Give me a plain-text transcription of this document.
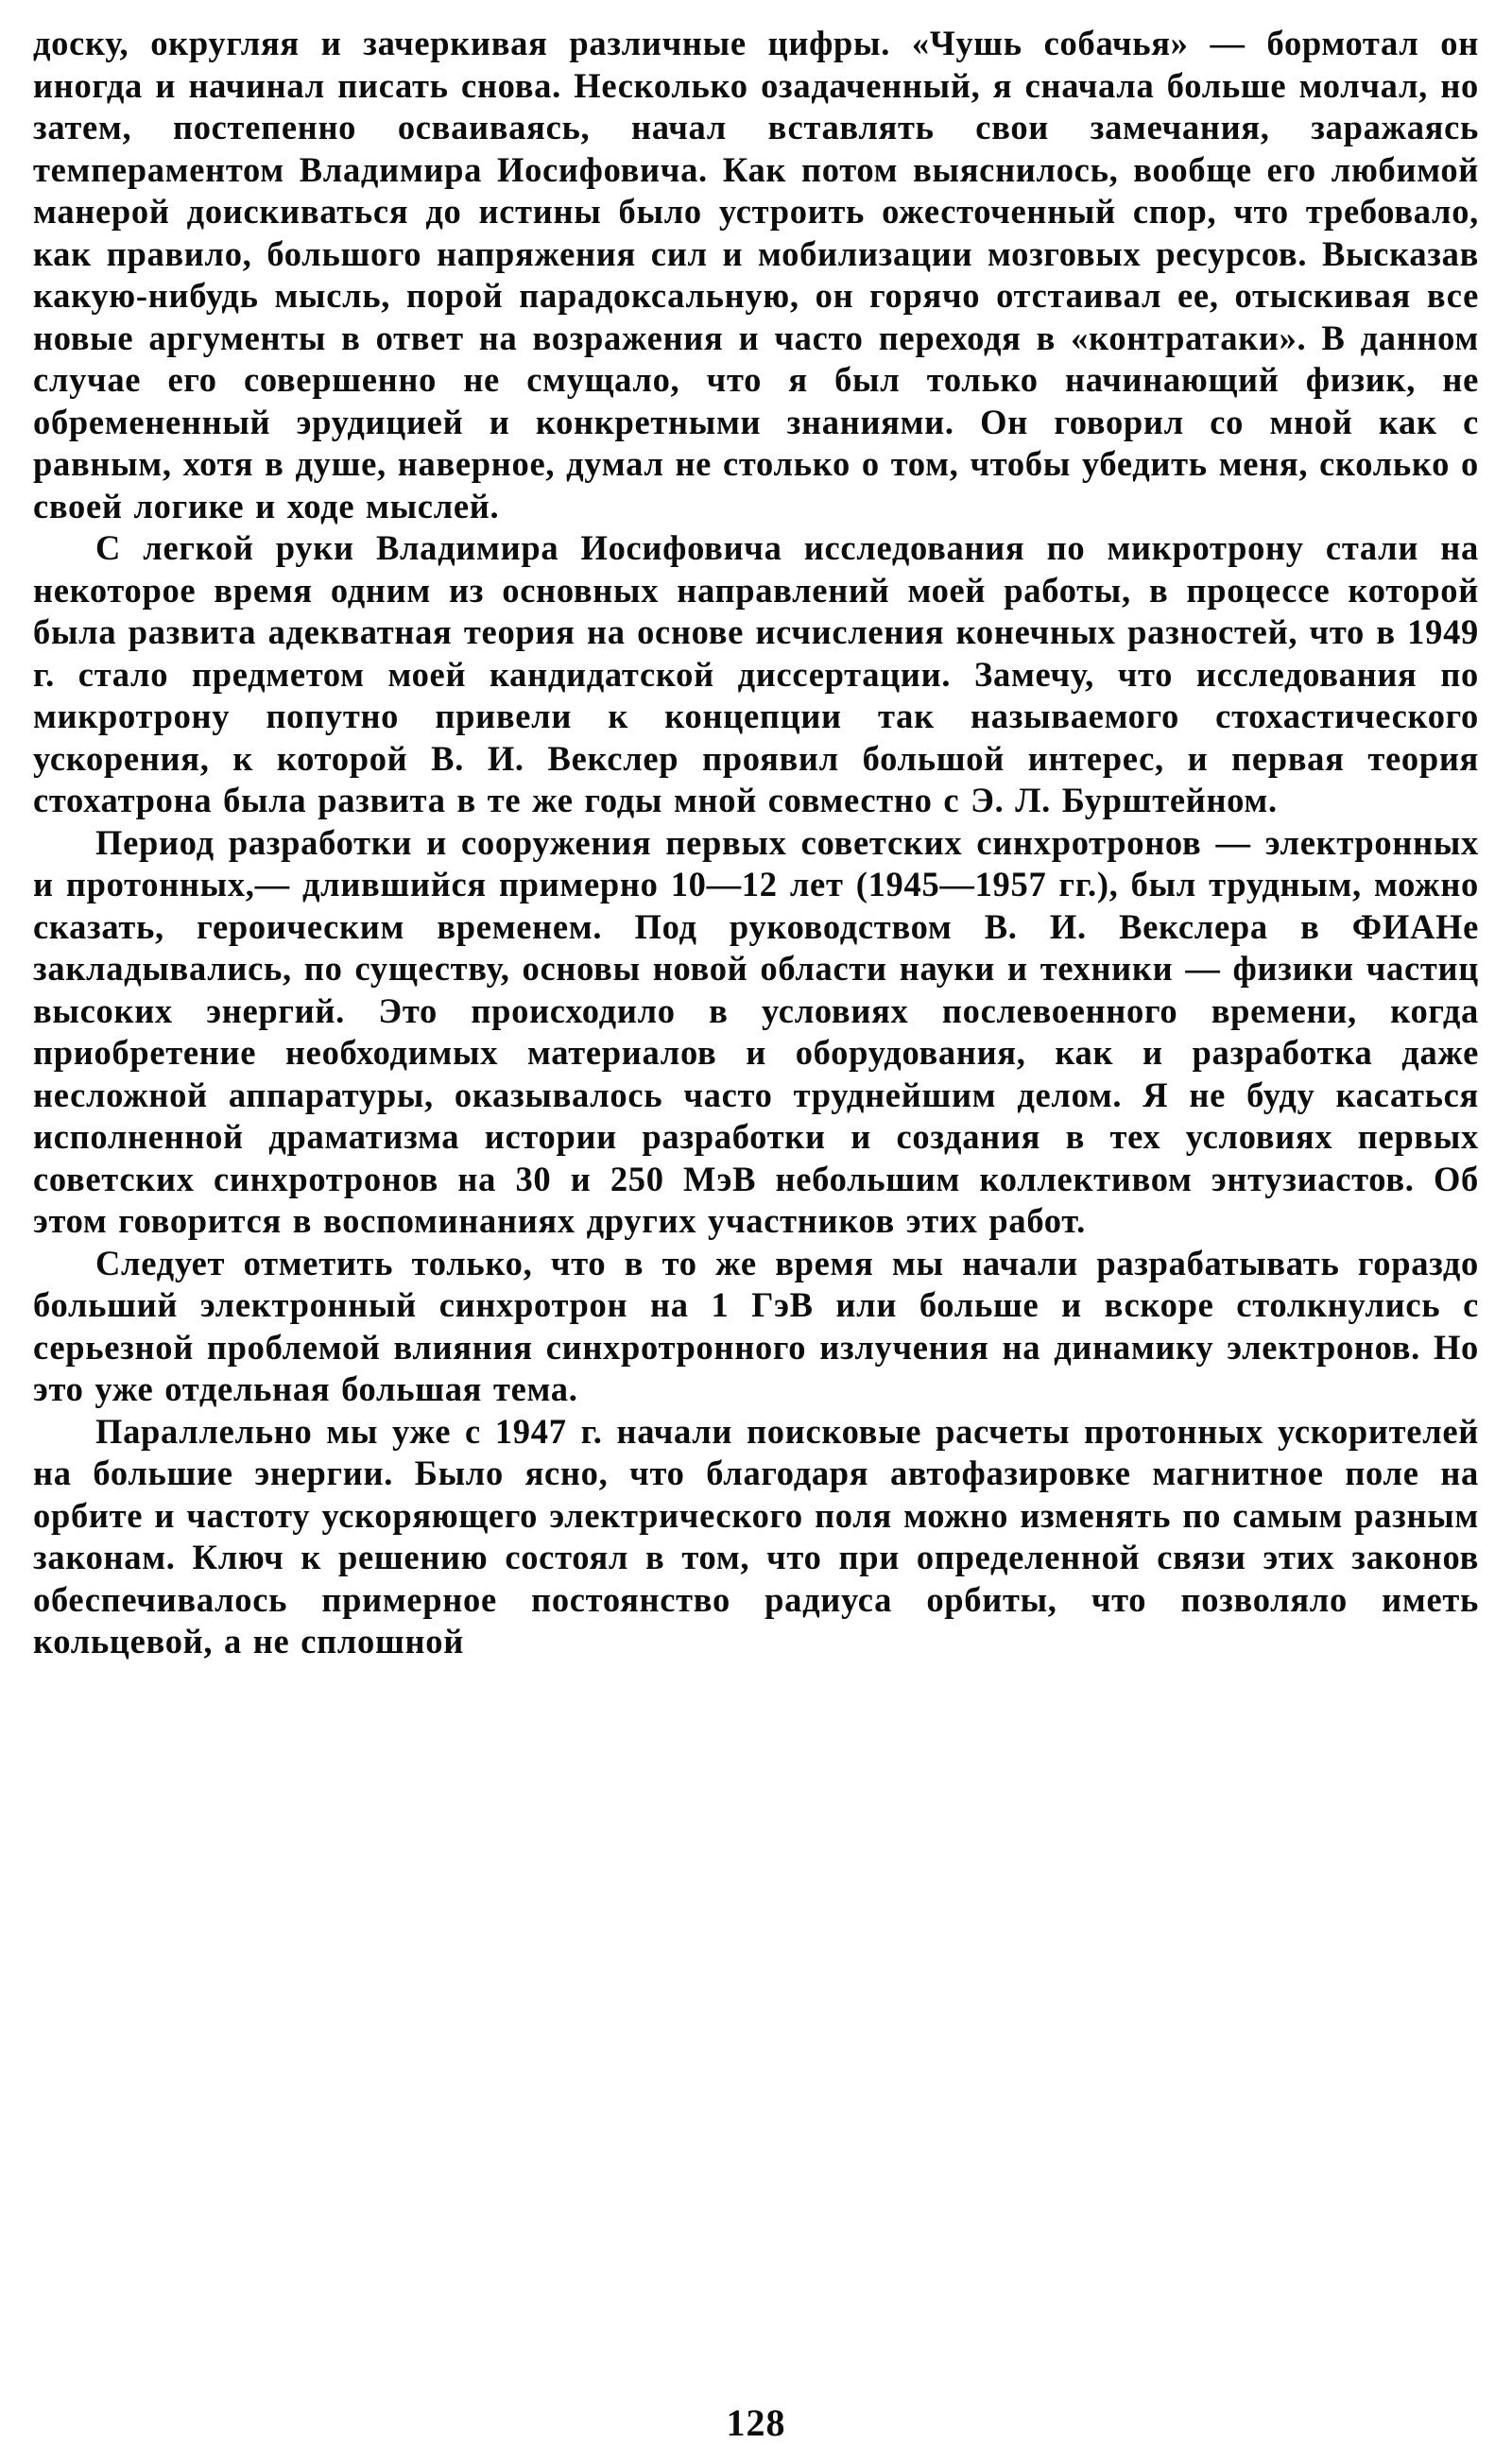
доску, округляя и зачеркивая различные цифры. «Чушь собачья» — бормотал он иногда и начинал писать снова. Несколько озадаченный, я сначала больше молчал, но затем, постепенно осваиваясь, начал вставлять свои замечания, заражаясь темпераментом Владимира Иосифовича. Как потом выяснилось, вообще его любимой манерой доискиваться до истины было устроить ожесточенный спор, что требовало, как правило, большого напряжения сил и мобилизации мозговых ресурсов. Высказав какую-нибудь мысль, порой парадоксальную, он горячо отстаивал ее, отыскивая все новые аргументы в ответ на возражения и часто переходя в «контратаки». В данном случае его совершенно не смущало, что я был только начинающий физик, не обремененный эрудицией и конкретными знаниями. Он говорил со мной как с равным, хотя в душе, наверное, думал не столько о том, чтобы убедить меня, сколько о своей логике и ходе мыслей.

С легкой руки Владимира Иосифовича исследования по микротрону стали на некоторое время одним из основных направлений моей работы, в процессе которой была развита адекватная теория на основе исчисления конечных разностей, что в 1949 г. стало предметом моей кандидатской диссертации. Замечу, что исследования по микротрону попутно привели к концепции так называемого стохастического ускорения, к которой В. И. Векслер проявил большой интерес, и первая теория стохатрона была развита в те же годы мной совместно с Э. Л. Бурштейном.

Период разработки и сооружения первых советских синхротронов — электронных и протонных,— длившийся примерно 10—12 лет (1945—1957 гг.), был трудным, можно сказать, героическим временем. Под руководством В. И. Векслера в ФИАНе закладывались, по существу, основы новой области науки и техники — физики частиц высоких энергий. Это происходило в условиях послевоенного времени, когда приобретение необходимых материалов и оборудования, как и разработка даже несложной аппаратуры, оказывалось часто труднейшим делом. Я не буду касаться исполненной драматизма истории разработки и создания в тех условиях первых советских синхротронов на 30 и 250 МэВ небольшим коллективом энтузиастов. Об этом говорится в воспоминаниях других участников этих работ.

Следует отметить только, что в то же время мы начали разрабатывать гораздо больший электронный синхротрон на 1 ГэВ или больше и вскоре столкнулись с серьезной проблемой влияния синхротронного излучения на динамику электронов. Но это уже отдельная большая тема.

Параллельно мы уже с 1947 г. начали поисковые расчеты протонных ускорителей на большие энергии. Было ясно, что благодаря автофазировке магнитное поле на орбите и частоту ускоряющего электрического поля можно изменять по самым разным законам. Ключ к решению состоял в том, что при определенной связи этих законов обеспечивалось примерное постоянство радиуса орбиты, что позволяло иметь кольцевой, а не сплошной

128
